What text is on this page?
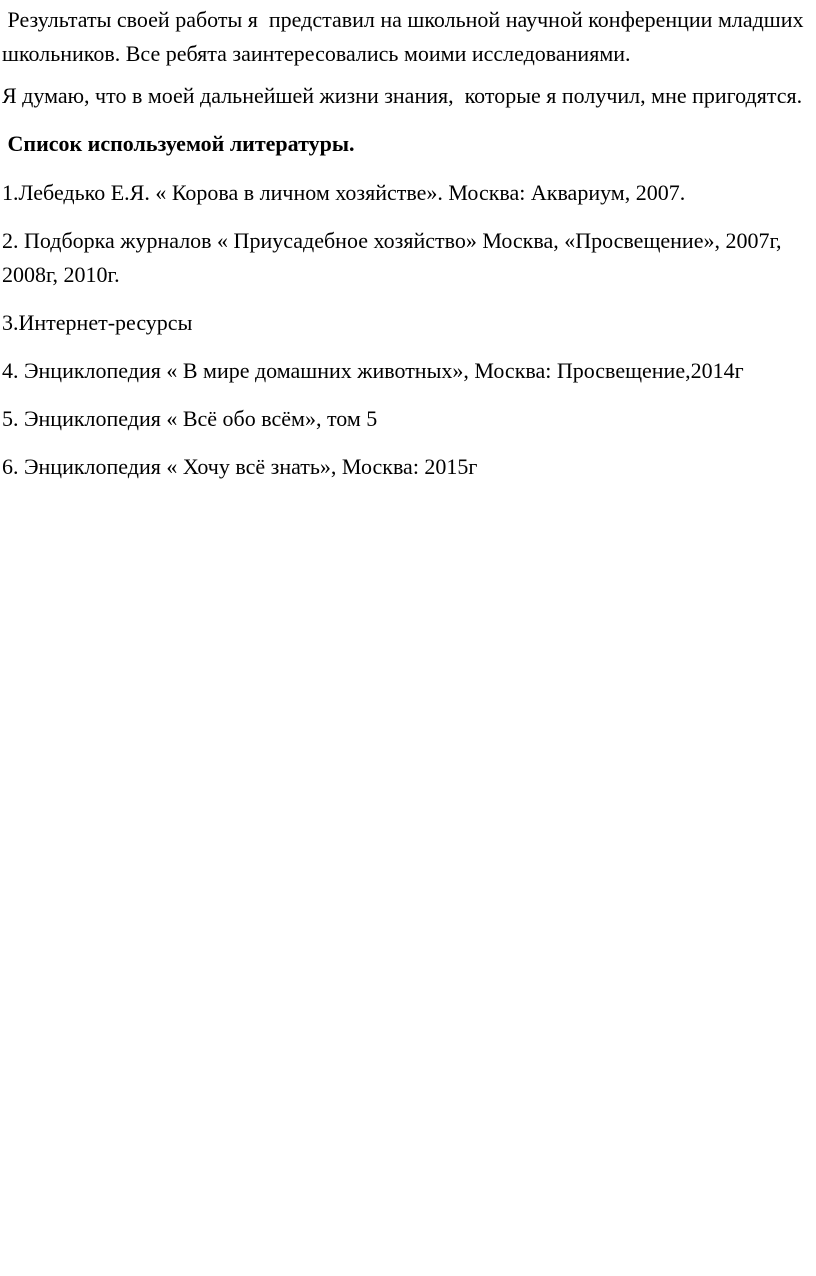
Результаты своей работы я  представил на школьной научной конференции младших школьников. Все ребята заинтересовались моими исследованиями.

Я думаю, что в моей дальнейшей жизни знания,  которые я получил, мне пригодятся.

Список используемой литературы.

1.Лебедько Е.Я. « Корова в личном хозяйстве». Москва: Аквариум, 2007.

2. Подборка журналов « Приусадебное хозяйство» Москва, «Просвещение», 2007г, 2008г, 2010г.

3.Интернет-ресурсы

4. Энциклопедия « В мире домашних животных», Москва: Просвещение,2014г

5. Энциклопедия « Всё обо всём», том 5

6. Энциклопедия « Хочу всё знать», Москва: 2015г
